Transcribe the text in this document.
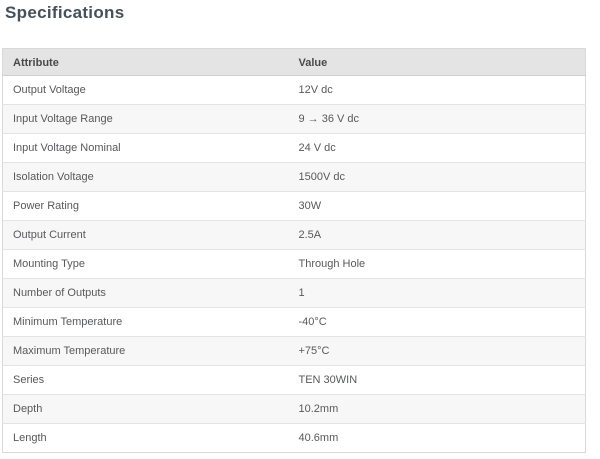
Specifications
Attribute	Value
Output Voltage	12V dc
Input Voltage Range	9 → 36 V dc
Input Voltage Nominal	24 V dc
Isolation Voltage	1500V dc
Power Rating	30W
Output Current	2.5A
Mounting Type	Through Hole
Number of Outputs	1
Minimum Temperature	-40°C
Maximum Temperature	+75°C
Series	TEN 30WIN
Depth	10.2mm
Length	40.6mm
